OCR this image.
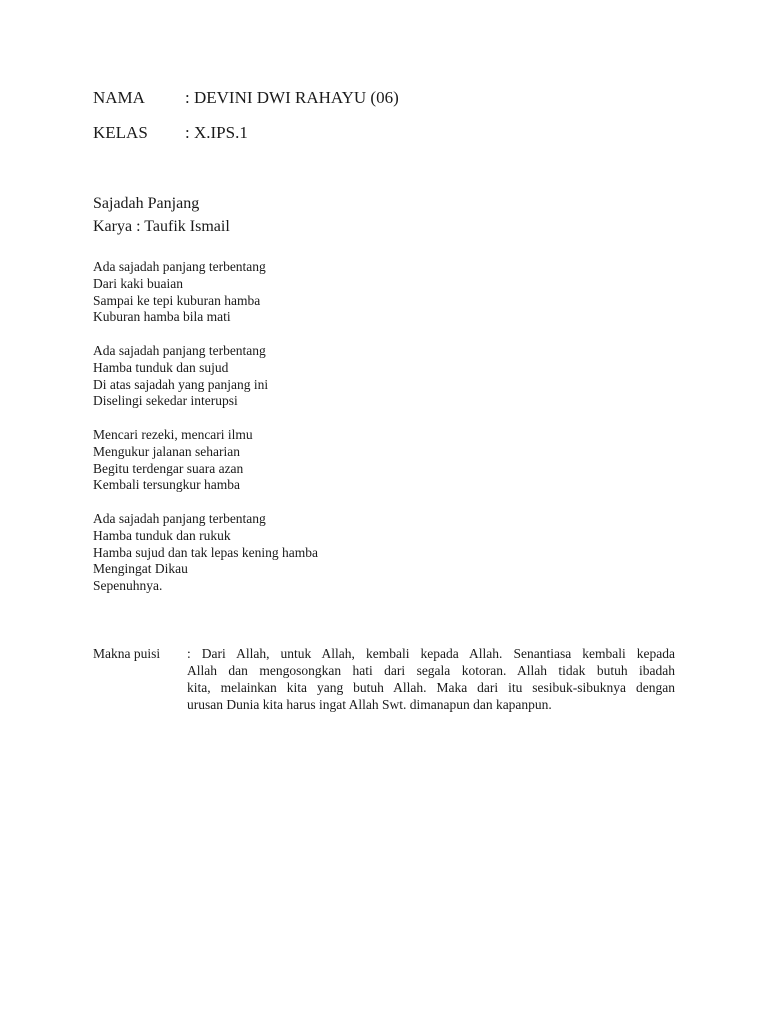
NAMA : DEVINI DWI RAHAYU (06)
KELAS : X.IPS.1
Sajadah Panjang
Karya : Taufik Ismail
Ada sajadah panjang terbentang
Dari kaki buaian
Sampai ke tepi kuburan hamba
Kuburan hamba bila mati
Ada sajadah panjang terbentang
Hamba tunduk dan sujud
Di atas sajadah yang panjang ini
Diselingi sekedar interupsi
Mencari rezeki, mencari ilmu
Mengukur jalanan seharian
Begitu terdengar suara azan
Kembali tersungkur hamba
Ada sajadah panjang terbentang
Hamba tunduk dan rukuk
Hamba sujud dan tak lepas kening hamba
Mengingat Dikau
Sepenuhnya.
Makna puisi : Dari Allah, untuk Allah, kembali kepada Allah. Senantiasa kembali kepada
Allah dan mengosongkan hati dari segala kotoran. Allah tidak butuh ibadah
kita, melainkan kita yang butuh Allah. Maka dari itu sesibuk-sibuknya dengan
urusan Dunia kita harus ingat Allah Swt. dimanapun dan kapanpun.
